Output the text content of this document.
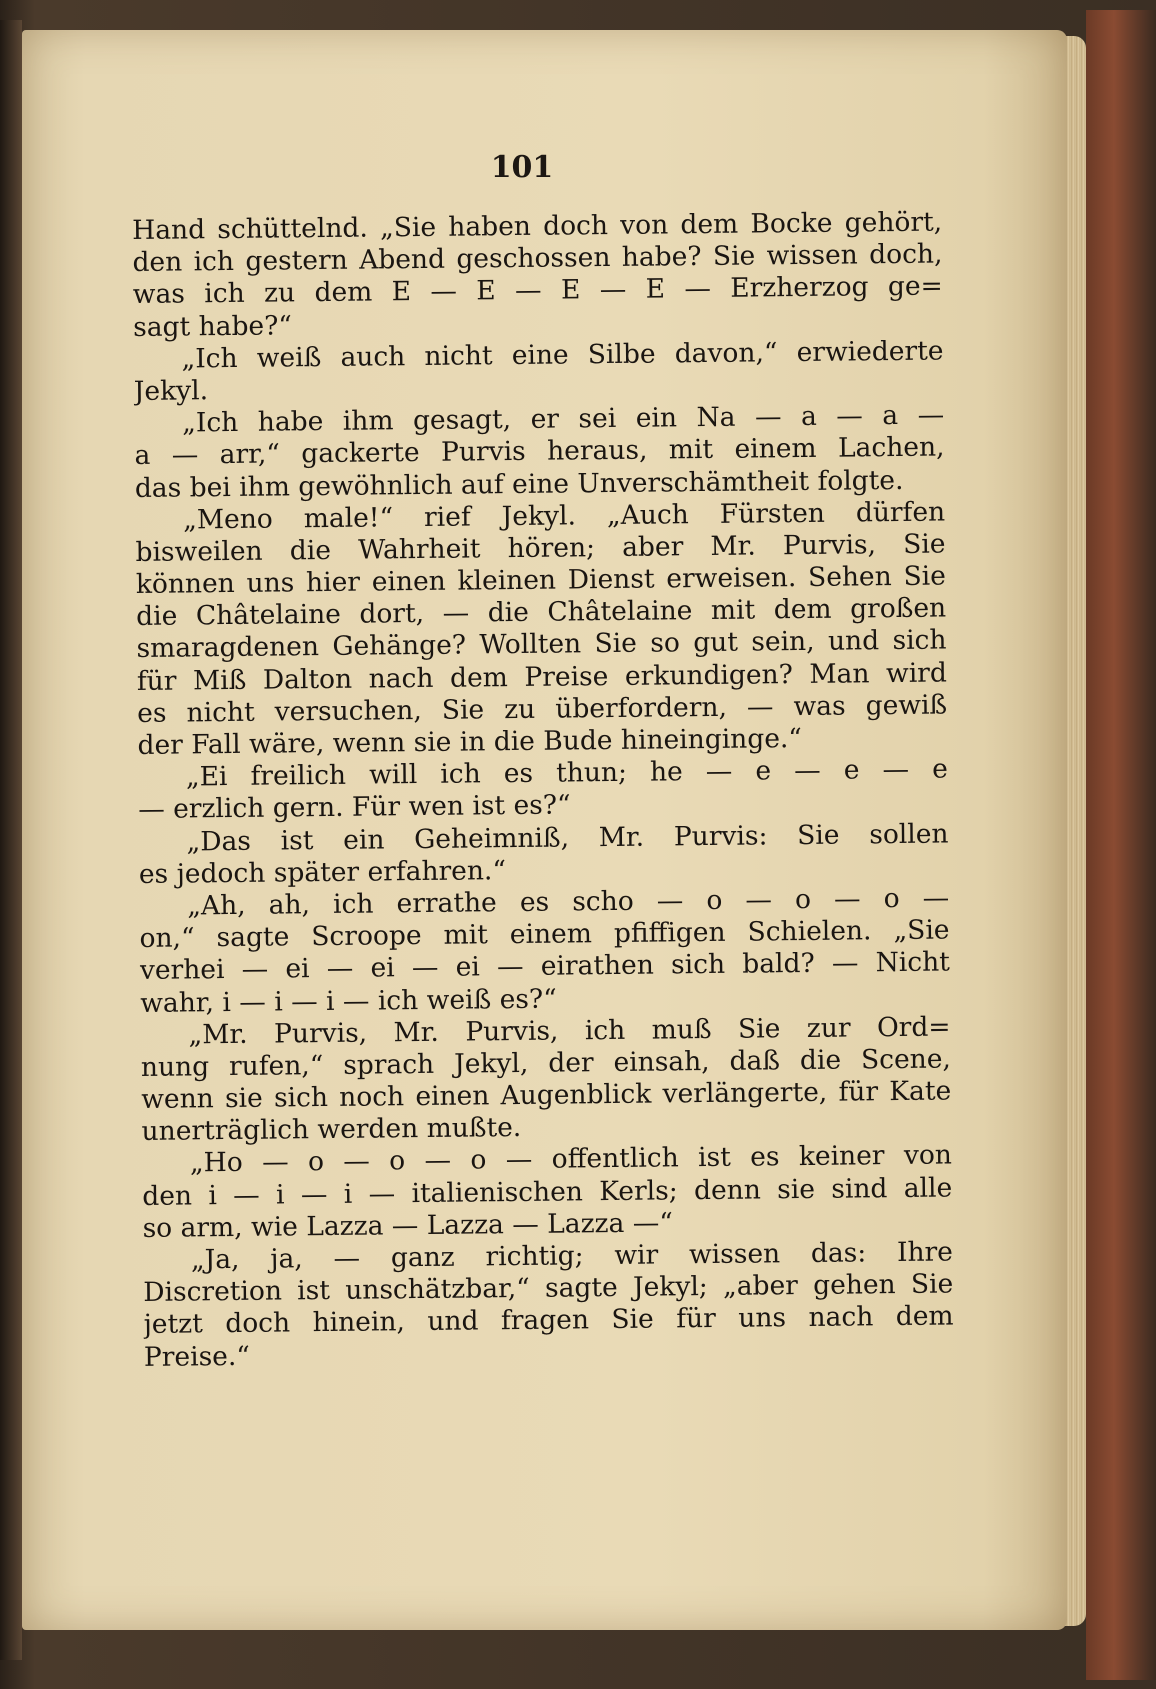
101
Hand schüttelnd. „Sie haben doch von dem Bocke gehört,
den ich gestern Abend geschossen habe? Sie wissen doch,
was ich zu dem E — E — E — E — Erzherzog ge=
sagt habe?“
„Ich weiß auch nicht eine Silbe davon,“ erwiederte
Jekyl.
„Ich habe ihm gesagt, er sei ein Na — a — a —
a — arr,“ gackerte Purvis heraus, mit einem Lachen,
das bei ihm gewöhnlich auf eine Unverschämtheit folgte.
„Meno male!“ rief Jekyl. „Auch Fürsten dürfen
bisweilen die Wahrheit hören; aber Mr. Purvis, Sie
können uns hier einen kleinen Dienst erweisen. Sehen Sie
die Châtelaine dort, — die Châtelaine mit dem großen
smaragdenen Gehänge? Wollten Sie so gut sein, und sich
für Miß Dalton nach dem Preise erkundigen? Man wird
es nicht versuchen, Sie zu überfordern, — was gewiß
der Fall wäre, wenn sie in die Bude hineinginge.“
„Ei freilich will ich es thun; he — e — e — e
— erzlich gern. Für wen ist es?“
„Das ist ein Geheimniß, Mr. Purvis: Sie sollen
es jedoch später erfahren.“
„Ah, ah, ich errathe es scho — o — o — o —
on,“ sagte Scroope mit einem pfiffigen Schielen. „Sie
verhei — ei — ei — ei — eirathen sich bald? — Nicht
wahr, i — i — i — ich weiß es?“
„Mr. Purvis, Mr. Purvis, ich muß Sie zur Ord=
nung rufen,“ sprach Jekyl, der einsah, daß die Scene,
wenn sie sich noch einen Augenblick verlängerte, für Kate
unerträglich werden mußte.
„Ho — o — o — o — offentlich ist es keiner von
den i — i — i — italienischen Kerls; denn sie sind alle
so arm, wie Lazza — Lazza — Lazza —“
„Ja, ja, — ganz richtig; wir wissen das: Ihre
Discretion ist unschätzbar,“ sagte Jekyl; „aber gehen Sie
jetzt doch hinein, und fragen Sie für uns nach dem
Preise.“
